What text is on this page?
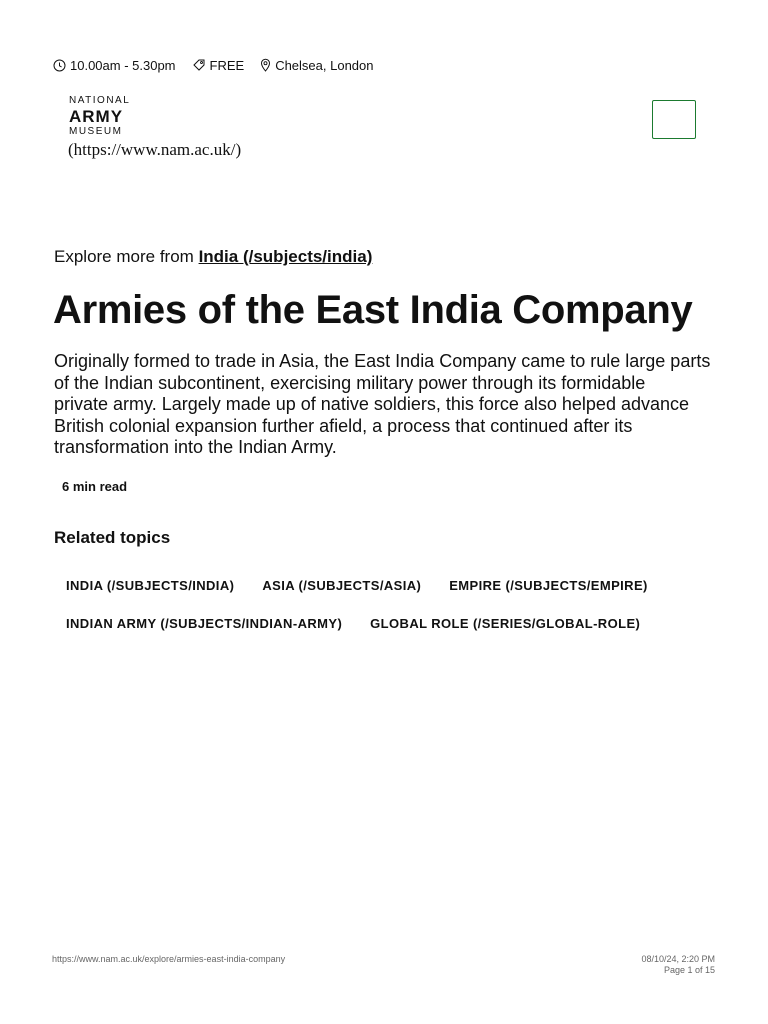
10.00am - 5.30pm	FREE Chelsea, London
NATIONAL
ARMY
MUSEUM
(https://www.nam.ac.uk/)
Explore more from India (/subjects/india)
Armies of the East India Company
Originally formed to trade in Asia, the East India Company came to rule large parts
of the Indian subcontinent, exercising military power through its formidable
private army. Largely made up of native soldiers, this force also helped advance
British colonial expansion further afield, a process that continued after its
transformation into the Indian Army.
6 min read
Related topics
INDIA (/SUBJECTS/INDIA)	ASIA (/SUBJECTS/ASIA)	EMPIRE (/SUBJECTS/EMPIRE)
INDIAN ARMY (/SUBJECTS/INDIAN-ARMY)	GLOBAL ROLE (/SERIES/GLOBAL-ROLE)
https://www.nam.ac.uk/explore/armies-east-india-company	08/10/24, 2:20 PM
Page 1 of 15
